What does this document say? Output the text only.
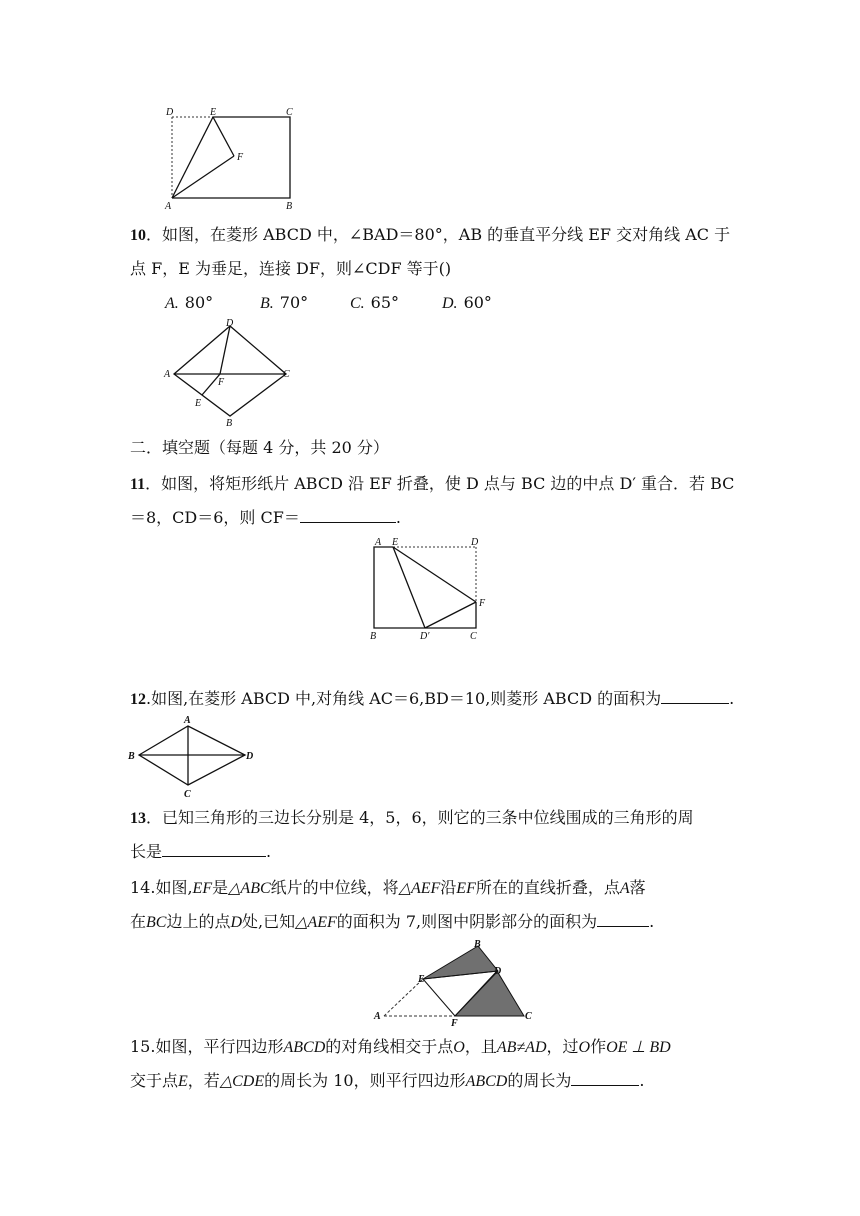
D	E	C
F
A	B
10．如图，在菱形 ABCD 中，∠BAD＝80°，AB 的垂直平分线 EF 交对角线 AC 于
点 F，E 为垂足，连接 DF，则∠CDF 等于()
A. 80°	B. 70°	C. 65°	D. 60°
D
A
F
C
E
B
二．填空题（每题 4 分，共 20 分）
11．如图，将矩形纸片 ABCD 沿 EF 折叠，使 D 点与 BC 边的中点 D′ 重合．若 BC
＝8，CD＝6，则 CF＝	.
A E	D
F
B	D′	C
12.如图,在菱形 ABCD 中,对角线 AC＝6,BD＝10,则菱形 ABCD 的面积为	.
A
B	D
C
13．已知三角形的三边长分别是 4，5，6，则它的三条中位线围成的三角形的周
长是	.
14.如图,EF是△ABC纸片的中位线，将△AEF沿EF所在的直线折叠，点A落
在BC边上的点D处,已知△AEF的面积为 7,则图中阴影部分的面积为	.
B
D
E
A
F
C
15.如图，平行四边形ABCD的对角线相交于点O，且AB≠AD，过O作OE ⊥ BD
交于点E，若△CDE的周长为 10，则平行四边形ABCD的周长为	.
